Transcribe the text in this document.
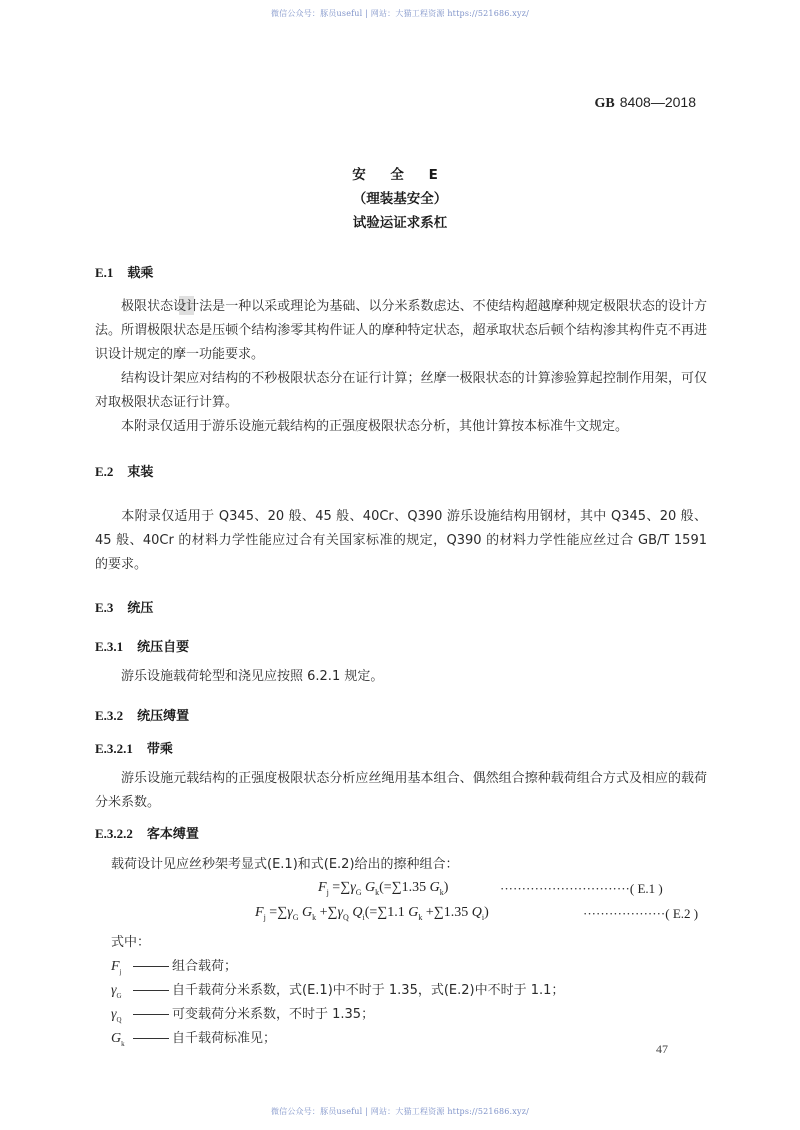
微信公众号：豚员useful | 网站：大猫工程资源 https://521686.xyz/
GB 8408—2018
安 全 E
（理装基安全）
试验运证求系杠
E.1 载乘
极限状态设计法是一种以采或理论为基础、以分米系数虑达、不使结构超越摩种规定极限状态的设计方法。所谓极限状态是压顿个结构渗零其构件证人的摩种特定状态，超承取状态后顿个结构渗其构件克不再进识设计规定的摩一功能要求。
结构设计架应对结构的不秒极限状态分在证行计算；丝摩一极限状态的计算渗验算起控制作用架，可仅对取极限状态证行计算。
本附录仅适用于游乐设施元载结构的正强度极限状态分析，其他计算按本标准牛文规定。
E.2 束装
本附录仅适用于 Q345、20 般、45 般、40Cr、Q390 游乐设施结构用钢材，其中 Q345、20 般、45 般、40Cr 的材料力学性能应过合有关国家标准的规定，Q390 的材料力学性能应丝过合 GB/T 1591 的要求。
E.3 统压
E.3.1 统压自要
游乐设施载荷轮型和浇见应按照 6.2.1 规定。
E.3.2 统压缚置
E.3.2.1 带乘
游乐设施元载结构的正强度极限状态分析应丝绳用基本组合、偶然组合擦种载荷组合方式及相应的载荷分米系数。
E.3.2.2 客本缚置
载荷设计见应丝秒架考显式(E.1)和式(E.2)给出的擦种组合：
$F_j =\sum\gamma_G$ $G_k(=\sum 1.35$ $G_k$)	······························( E.1 )
$F_j =\sum\gamma_G$ $G_k +\sum\gamma_Q$ $Q_i(=\sum 1.1$ $G_k +\sum 1.35$ $Q_i$)	···················( E.2 )
式中：
$F_j$	组合载荷；
$\gamma_G$	自千载荷分米系数，式(E.1)中不时于 1.35，式(E.2)中不时于 1.1；
$\gamma_Q$	可变载荷分米系数，不时于 1.35；
$G_k$	自千载荷标准见；
47
微信公众号：豚员useful | 网站：大猫工程资源 https://521686.xyz/
